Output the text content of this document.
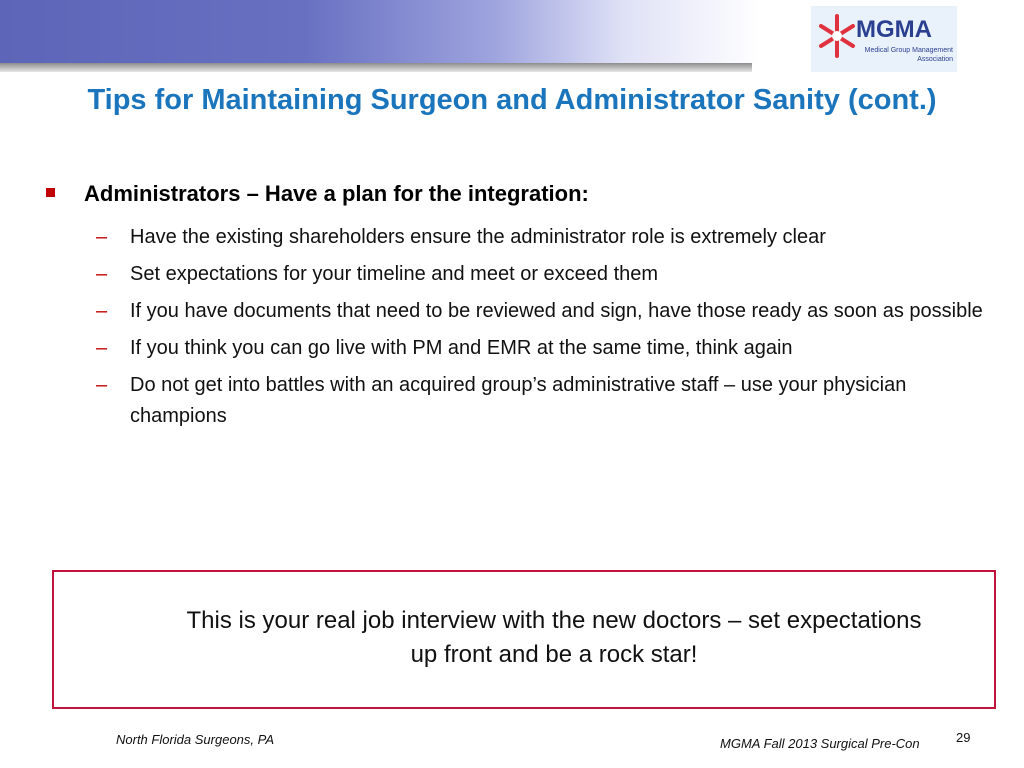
MGMA
Medical Group Management Association
Tips for Maintaining Surgeon and Administrator Sanity (cont.)
Administrators – Have a plan for the integration:
– Have the existing shareholders ensure the administrator role is extremely clear
– Set expectations for your timeline and meet or exceed them
– If you have documents that need to be reviewed and sign, have those ready as soon as possible
– If you think you can go live with PM and EMR at the same time, think again
– Do not get into battles with an acquired group’s administrative staff – use your physician champions
This is your real job interview with the new doctors – set expectations up front and be a rock star!
North Florida Surgeons, PA	MGMA Fall 2013 Surgical Pre-Con	29
